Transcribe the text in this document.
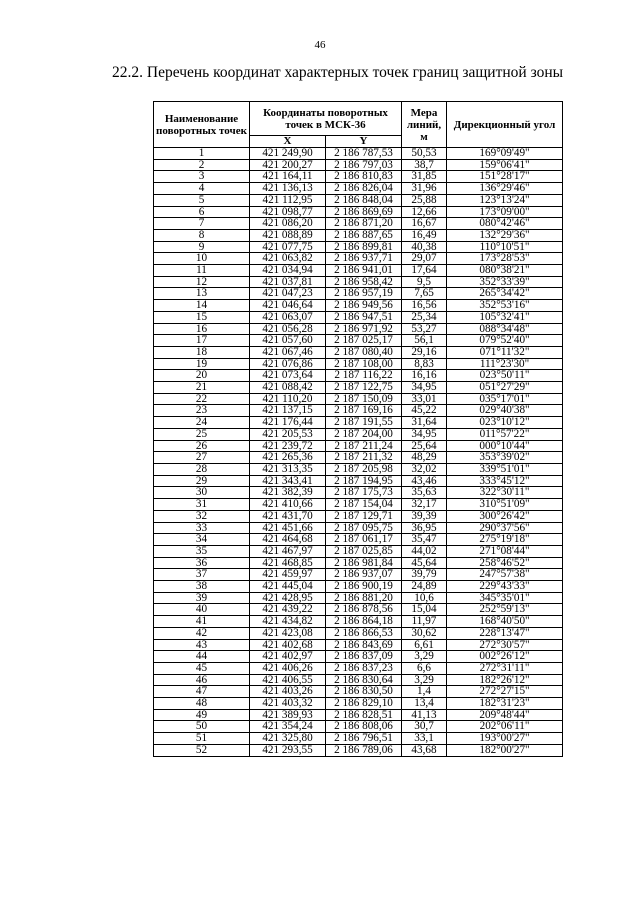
46
22.2. Перечень координат характерных точек границ защитной зоны
Наименование поворотных точек	Координаты поворотных точек в МСК-36		Мера линий, м	Дирекционный угол
	X	Y		
1	421 249,90	2 186 787,53	50,53	169°09'49"
2	421 200,27	2 186 797,03	38,7	159°06'41"
3	421 164,11	2 186 810,83	31,85	151°28'17"
4	421 136,13	2 186 826,04	31,96	136°29'46"
5	421 112,95	2 186 848,04	25,88	123°13'24"
6	421 098,77	2 186 869,69	12,66	173°09'00"
7	421 086,20	2 186 871,20	16,67	080°42'46"
8	421 088,89	2 186 887,65	16,49	132°29'36"
9	421 077,75	2 186 899,81	40,38	110°10'51"
10	421 063,82	2 186 937,71	29,07	173°28'53"
11	421 034,94	2 186 941,01	17,64	080°38'21"
12	421 037,81	2 186 958,42	9,5	352°33'39"
13	421 047,23	2 186 957,19	7,65	265°34'42"
14	421 046,64	2 186 949,56	16,56	352°53'16"
15	421 063,07	2 186 947,51	25,34	105°32'41"
16	421 056,28	2 186 971,92	53,27	088°34'48"
17	421 057,60	2 187 025,17	56,1	079°52'40"
18	421 067,46	2 187 080,40	29,16	071°11'32"
19	421 076,86	2 187 108,00	8,83	111°23'30"
20	421 073,64	2 187 116,22	16,16	023°50'11"
21	421 088,42	2 187 122,75	34,95	051°27'29"
22	421 110,20	2 187 150,09	33,01	035°17'01"
23	421 137,15	2 187 169,16	45,22	029°40'38"
24	421 176,44	2 187 191,55	31,64	023°10'12"
25	421 205,53	2 187 204,00	34,95	011°57'22"
26	421 239,72	2 187 211,24	25,64	000°10'44"
27	421 265,36	2 187 211,32	48,29	353°39'02"
28	421 313,35	2 187 205,98	32,02	339°51'01"
29	421 343,41	2 187 194,95	43,46	333°45'12"
30	421 382,39	2 187 175,73	35,63	322°30'11"
31	421 410,66	2 187 154,04	32,17	310°51'09"
32	421 431,70	2 187 129,71	39,39	300°26'42"
33	421 451,66	2 187 095,75	36,95	290°37'56"
34	421 464,68	2 187 061,17	35,47	275°19'18"
35	421 467,97	2 187 025,85	44,02	271°08'44"
36	421 468,85	2 186 981,84	45,64	258°46'52"
37	421 459,97	2 186 937,07	39,79	247°57'38"
38	421 445,04	2 186 900,19	24,89	229°43'33"
39	421 428,95	2 186 881,20	10,6	345°35'01"
40	421 439,22	2 186 878,56	15,04	252°59'13"
41	421 434,82	2 186 864,18	11,97	168°40'50"
42	421 423,08	2 186 866,53	30,62	228°13'47"
43	421 402,68	2 186 843,69	6,61	272°30'57"
44	421 402,97	2 186 837,09	3,29	002°26'12"
45	421 406,26	2 186 837,23	6,6	272°31'11"
46	421 406,55	2 186 830,64	3,29	182°26'12"
47	421 403,26	2 186 830,50	1,4	272°27'15"
48	421 403,32	2 186 829,10	13,4	182°31'23"
49	421 389,93	2 186 828,51	41,13	209°48'44"
50	421 354,24	2 186 808,06	30,7	202°06'11"
51	421 325,80	2 186 796,51	33,1	193°00'27"
52	421 293,55	2 186 789,06	43,68	182°00'27"
